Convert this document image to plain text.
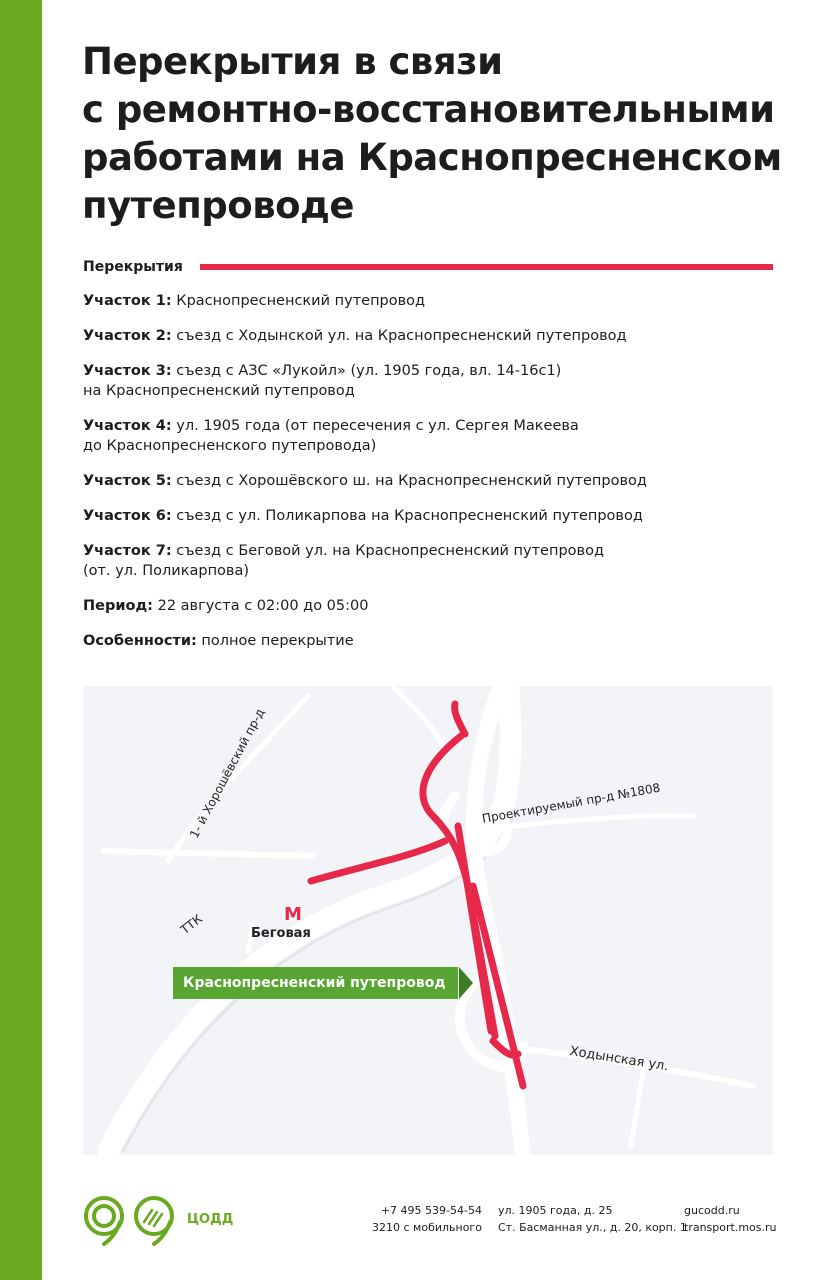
Перекрытия в связи
с ремонтно-восстановительными
работами на Краснопресненском
путепроводе
Перекрытия
Участок 1: Краснопресненский путепровод
Участок 2: съезд с Ходынской ул. на Краснопресненский путепровод
Участок 3: съезд с АЗС «Лукойл» (ул. 1905 года, вл. 14-16с1)
на Краснопресненский путепровод
Участок 4: ул. 1905 года (от пересечения с ул. Сергея Макеева
до Краснопресненского путепровода)
Участок 5: съезд с Хорошёвского ш. на Краснопресненский путепровод
Участок 6: съезд с ул. Поликарпова на Краснопресненский путепровод
Участок 7: съезд с Беговой ул. на Краснопресненский путепровод
(от. ул. Поликарпова)
Период: 22 августа с 02:00 до 05:00
Особенности: полное перекрытие
1- й Хорошёвский пр-д	Проектируемый пр-д №1808
ТТК
Ходынская ул.
М
Беговая
Краснопресненский путепровод
ЦОДД
+7 495 539-54-54
3210 с мобильного
ул. 1905 года, д. 25
Ст. Басманная ул., д. 20, корп. 1
gucodd.ru
transport.mos.ru
